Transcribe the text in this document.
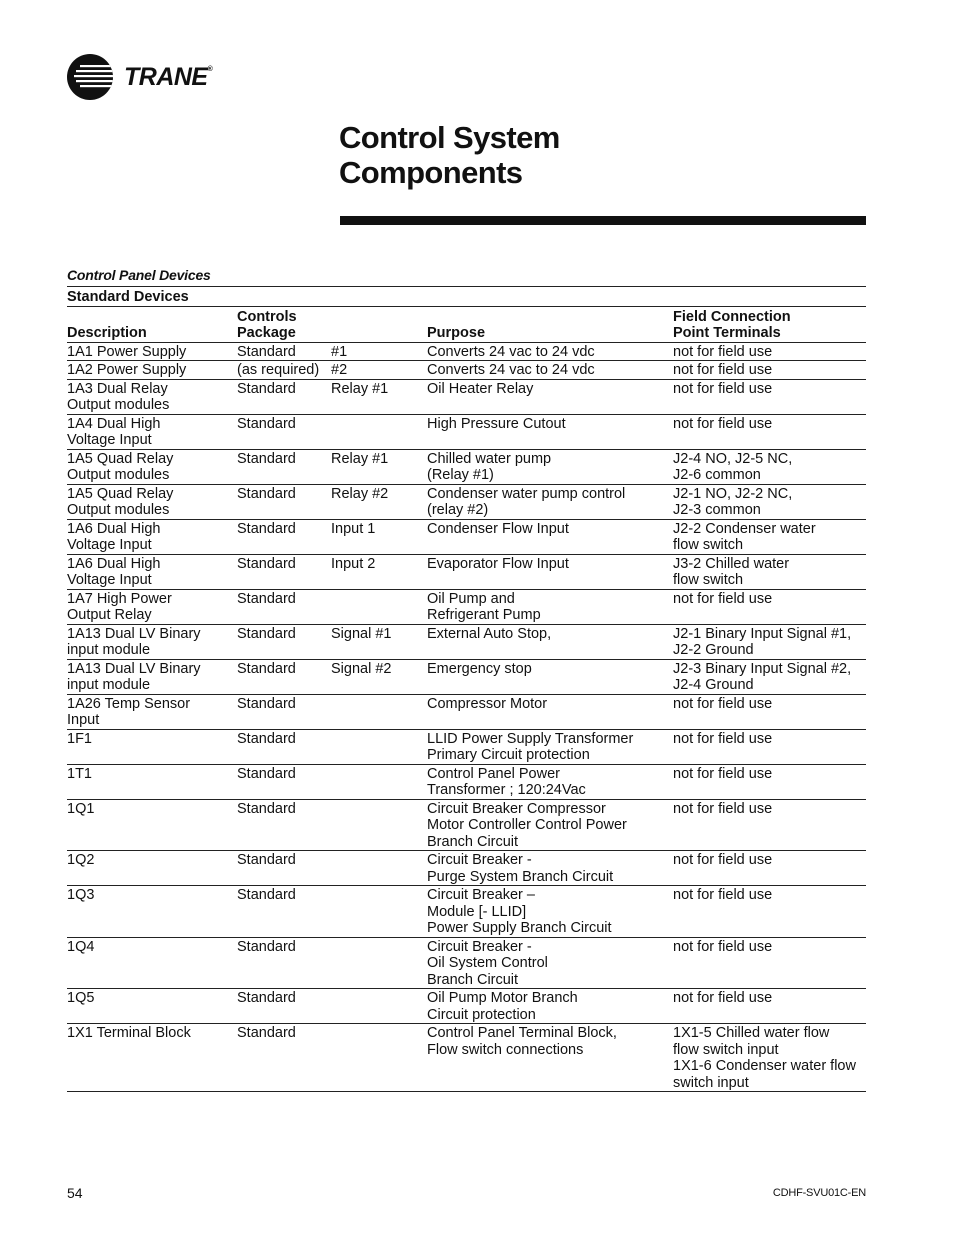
TRANE®
Control System
Components
Control Panel Devices
Standard Devices				
Description	Controls
Package		Purpose	Field Connection
Point Terminals
1A1 Power Supply	Standard	#1	Converts 24 vac to 24 vdc	not for field use
1A2 Power Supply	(as required)	#2	Converts 24 vac to 24 vdc	not for field use
1A3 Dual Relay
Output modules	Standard	Relay #1	Oil Heater Relay	not for field use
1A4 Dual High
Voltage Input	Standard		High Pressure Cutout	not for field use
1A5 Quad Relay
Output modules	Standard	Relay #1	Chilled water pump
(Relay #1)	J2-4 NO, J2-5 NC,
J2-6 common
1A5 Quad Relay
Output modules	Standard	Relay #2	Condenser water pump control
(relay #2)	J2-1 NO, J2-2 NC,
J2-3 common
1A6 Dual High
Voltage Input	Standard	Input 1	Condenser Flow Input	J2-2 Condenser water
flow switch
1A6 Dual High
Voltage Input	Standard	Input 2	Evaporator Flow Input	J3-2 Chilled water
flow switch
1A7 High Power
Output Relay	Standard		Oil Pump and
Refrigerant Pump	not for field use
1A13 Dual LV Binary
input module	Standard	Signal #1	External Auto Stop,	J2-1 Binary Input Signal #1,
J2-2 Ground
1A13 Dual LV Binary
input module	Standard	Signal #2	Emergency stop	J2-3 Binary Input Signal #2,
J2-4 Ground
1A26 Temp Sensor
Input	Standard		Compressor Motor	not for field use
1F1	Standard		LLID Power Supply Transformer
Primary Circuit protection	not for field use
1T1	Standard		Control Panel Power
Transformer ; 120:24Vac	not for field use
1Q1	Standard		Circuit Breaker Compressor
Motor Controller Control Power
Branch Circuit	not for field use
1Q2	Standard		Circuit Breaker -
Purge System Branch Circuit	not for field use
1Q3	Standard		Circuit Breaker –
Module [- LLID]
Power Supply Branch Circuit	not for field use
1Q4	Standard		Circuit Breaker -
Oil System Control
Branch Circuit	not for field use
1Q5	Standard		Oil Pump Motor Branch
Circuit protection	not for field use
1X1 Terminal Block	Standard		Control Panel Terminal Block,
Flow switch connections	1X1-5 Chilled water flow
flow switch input
1X1-6 Condenser water flow
switch input
54	CDHF-SVU01C-EN
